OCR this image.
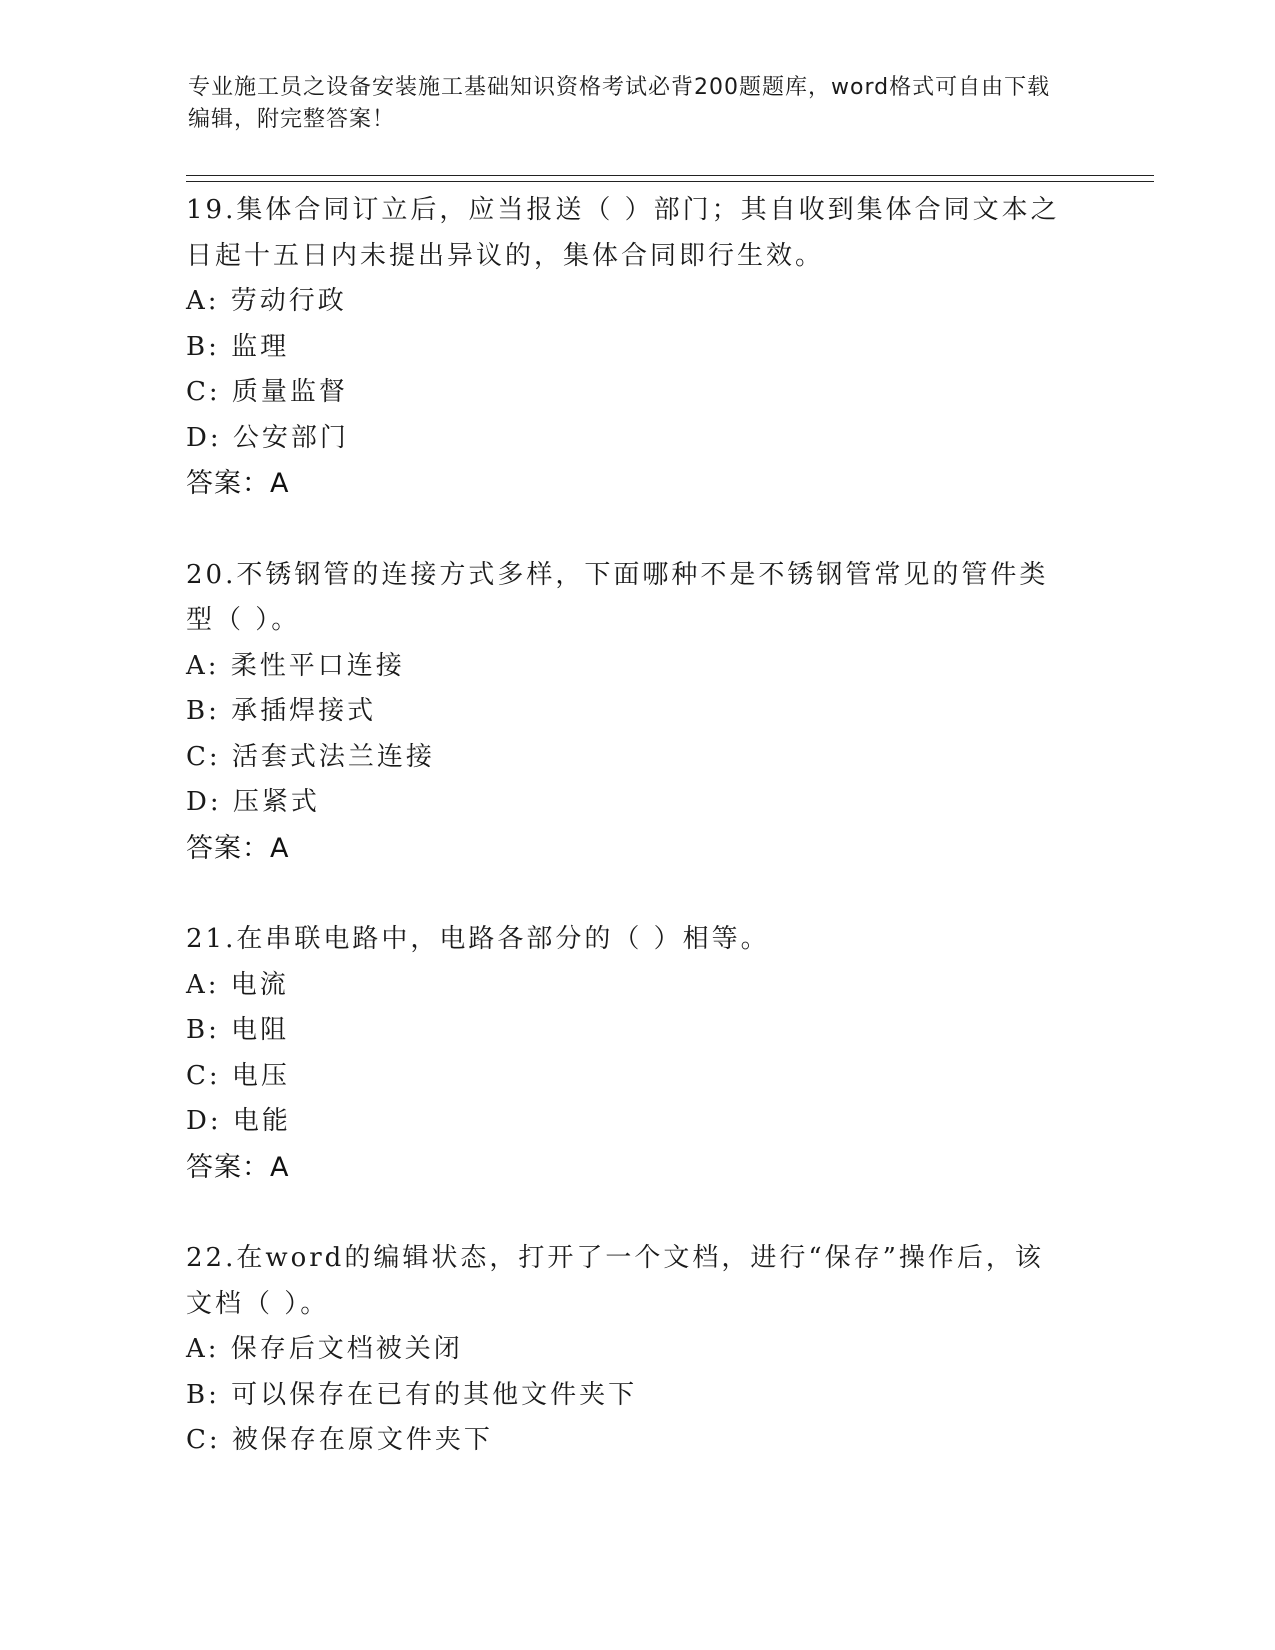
专业施工员之设备安装施工基础知识资格考试必背200题题库，word格式可自由下载编辑，附完整答案！

19.集体合同订立后，应当报送（ ）部门；其自收到集体合同文本之日起十五日内未提出异议的，集体合同即行生效。

A: 劳动行政

B: 监理

C: 质量监督

D: 公安部门

答案：A

20.不锈钢管的连接方式多样，下面哪种不是不锈钢管常见的管件类型（ ）。

A: 柔性平口连接

B: 承插焊接式

C: 活套式法兰连接

D: 压紧式

答案：A

21.在串联电路中，电路各部分的（ ）相等。

A: 电流

B: 电阻

C: 电压

D: 电能

答案：A

22.在word的编辑状态，打开了一个文档，进行“保存”操作后，该文档（ ）。

A: 保存后文档被关闭

B: 可以保存在已有的其他文件夹下

C: 被保存在原文件夹下
